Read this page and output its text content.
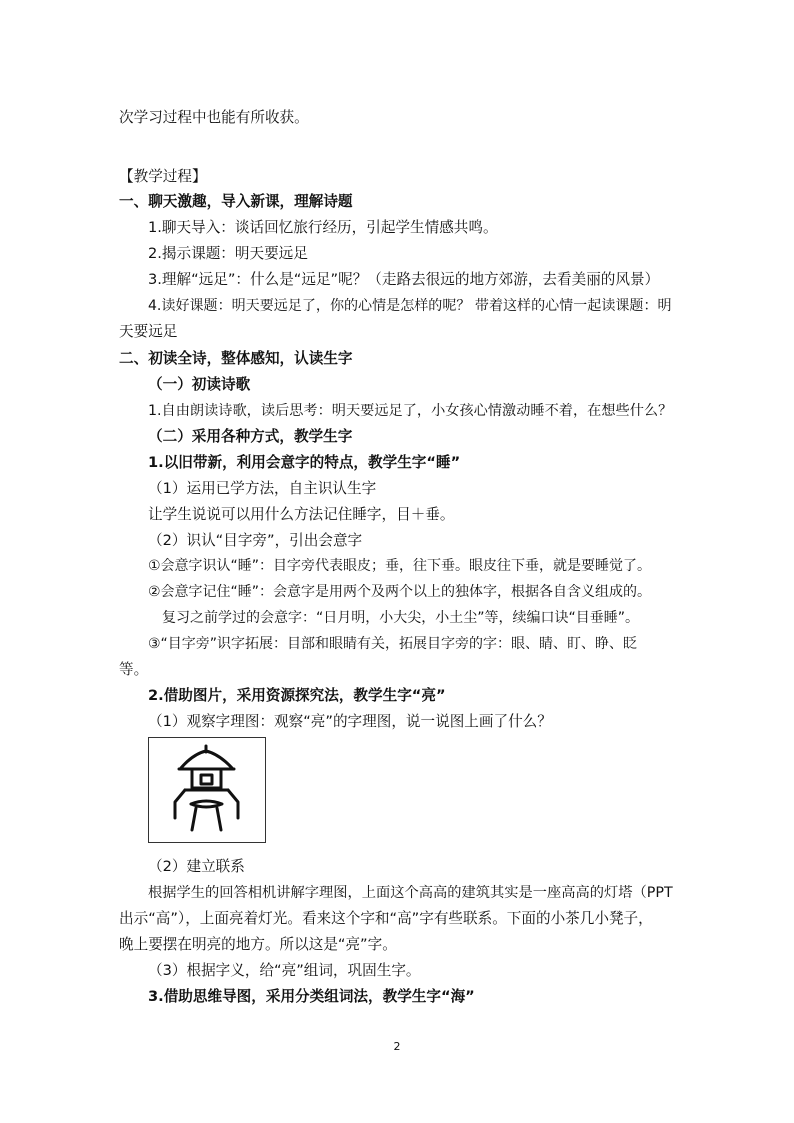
次学习过程中也能有所收获。
【教学过程】
一、聊天激趣，导入新课，理解诗题
1.聊天导入：谈话回忆旅行经历，引起学生情感共鸣。
2.揭示课题：明天要远足
3.理解“远足”：什么是“远足”呢？（走路去很远的地方郊游，去看美丽的风景）
4.读好课题：明天要远足了，你的心情是怎样的呢？ 带着这样的心情一起读课题：明
天要远足
二、初读全诗，整体感知，认读生字
（一）初读诗歌
1.自由朗读诗歌，读后思考：明天要远足了，小女孩心情激动睡不着，在想些什么？
（二）采用各种方式，教学生字
1.以旧带新，利用会意字的特点，教学生字“睡”
（1）运用已学方法，自主识认生字
让学生说说可以用什么方法记住睡字，目＋垂。
（2）识认“目字旁”，引出会意字
①会意字识认“睡”：目字旁代表眼皮；垂，往下垂。眼皮往下垂，就是要睡觉了。
②会意字记住“睡”：会意字是用两个及两个以上的独体字，根据各自含义组成的。
复习之前学过的会意字：“日月明，小大尖，小土尘”等，续编口诀“目垂睡”。
③“目字旁”识字拓展：目部和眼睛有关，拓展目字旁的字：眼、睛、盯、睁、眨
等。
2.借助图片，采用资源探究法，教学生字“亮”
（1）观察字理图：观察“亮”的字理图，说一说图上画了什么？
（2）建立联系
根据学生的回答相机讲解字理图，上面这个高高的建筑其实是一座高高的灯塔（PPT
出示“高”），上面亮着灯光。看来这个字和“高”字有些联系。下面的小茶几小凳子，
晚上要摆在明亮的地方。所以这是“亮”字。
（3）根据字义，给“亮”组词，巩固生字。
3.借助思维导图，采用分类组词法，教学生字“海”
2
